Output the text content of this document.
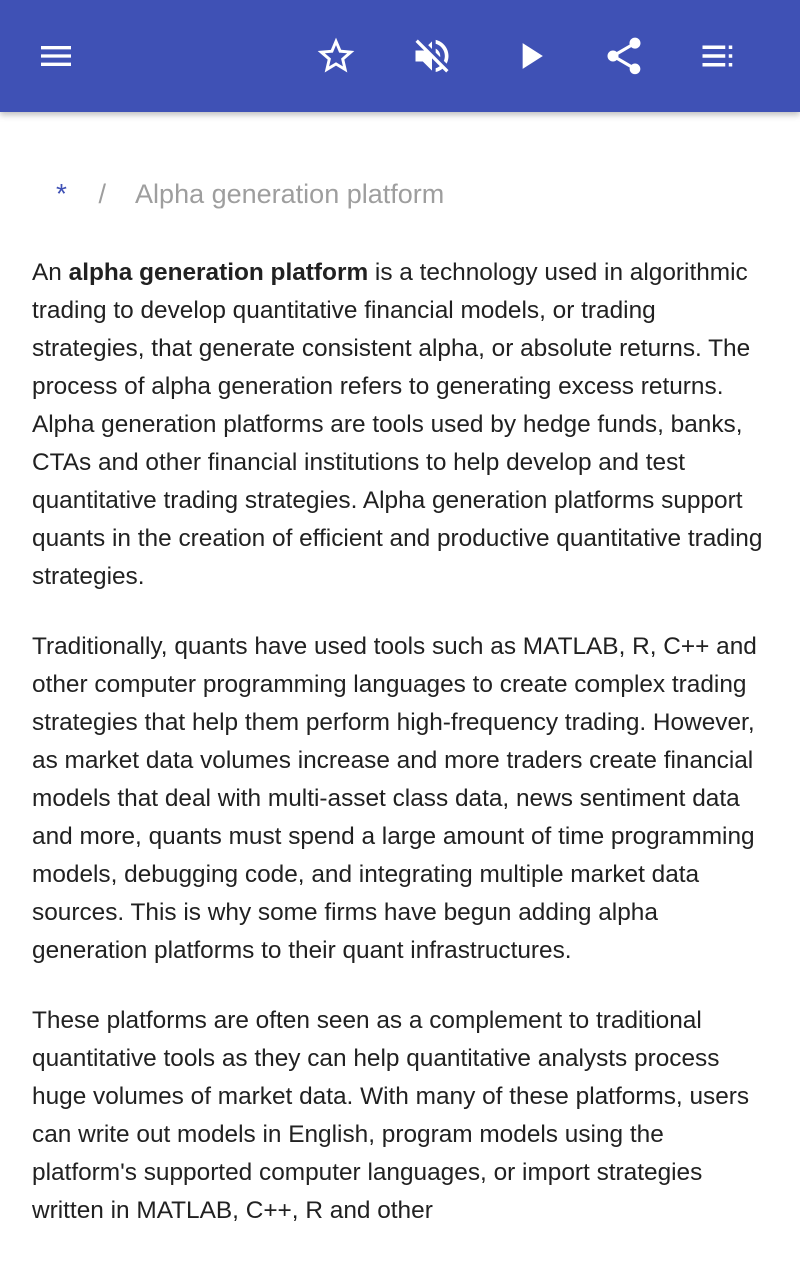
* / Alpha generation platform

An alpha generation platform is a technology used in algorithmic trading to develop quantitative financial models, or trading strategies, that generate consistent alpha, or absolute returns. The process of alpha generation refers to generating excess returns. Alpha generation platforms are tools used by hedge funds, banks, CTAs and other financial institutions to help develop and test quantitative trading strategies. Alpha generation platforms support quants in the creation of efficient and productive quantitative trading strategies.

Traditionally, quants have used tools such as MATLAB, R, C++ and other computer programming languages to create complex trading strategies that help them perform high-frequency trading. However, as market data volumes increase and more traders create financial models that deal with multi-asset class data, news sentiment data and more, quants must spend a large amount of time programming models, debugging code, and integrating multiple market data sources. This is why some firms have begun adding alpha generation platforms to their quant infrastructures.

These platforms are often seen as a complement to traditional quantitative tools as they can help quantitative analysts process huge volumes of market data. With many of these platforms, users can write out models in English, program models using the platform's supported computer languages, or import strategies written in MATLAB, C++, R and other
